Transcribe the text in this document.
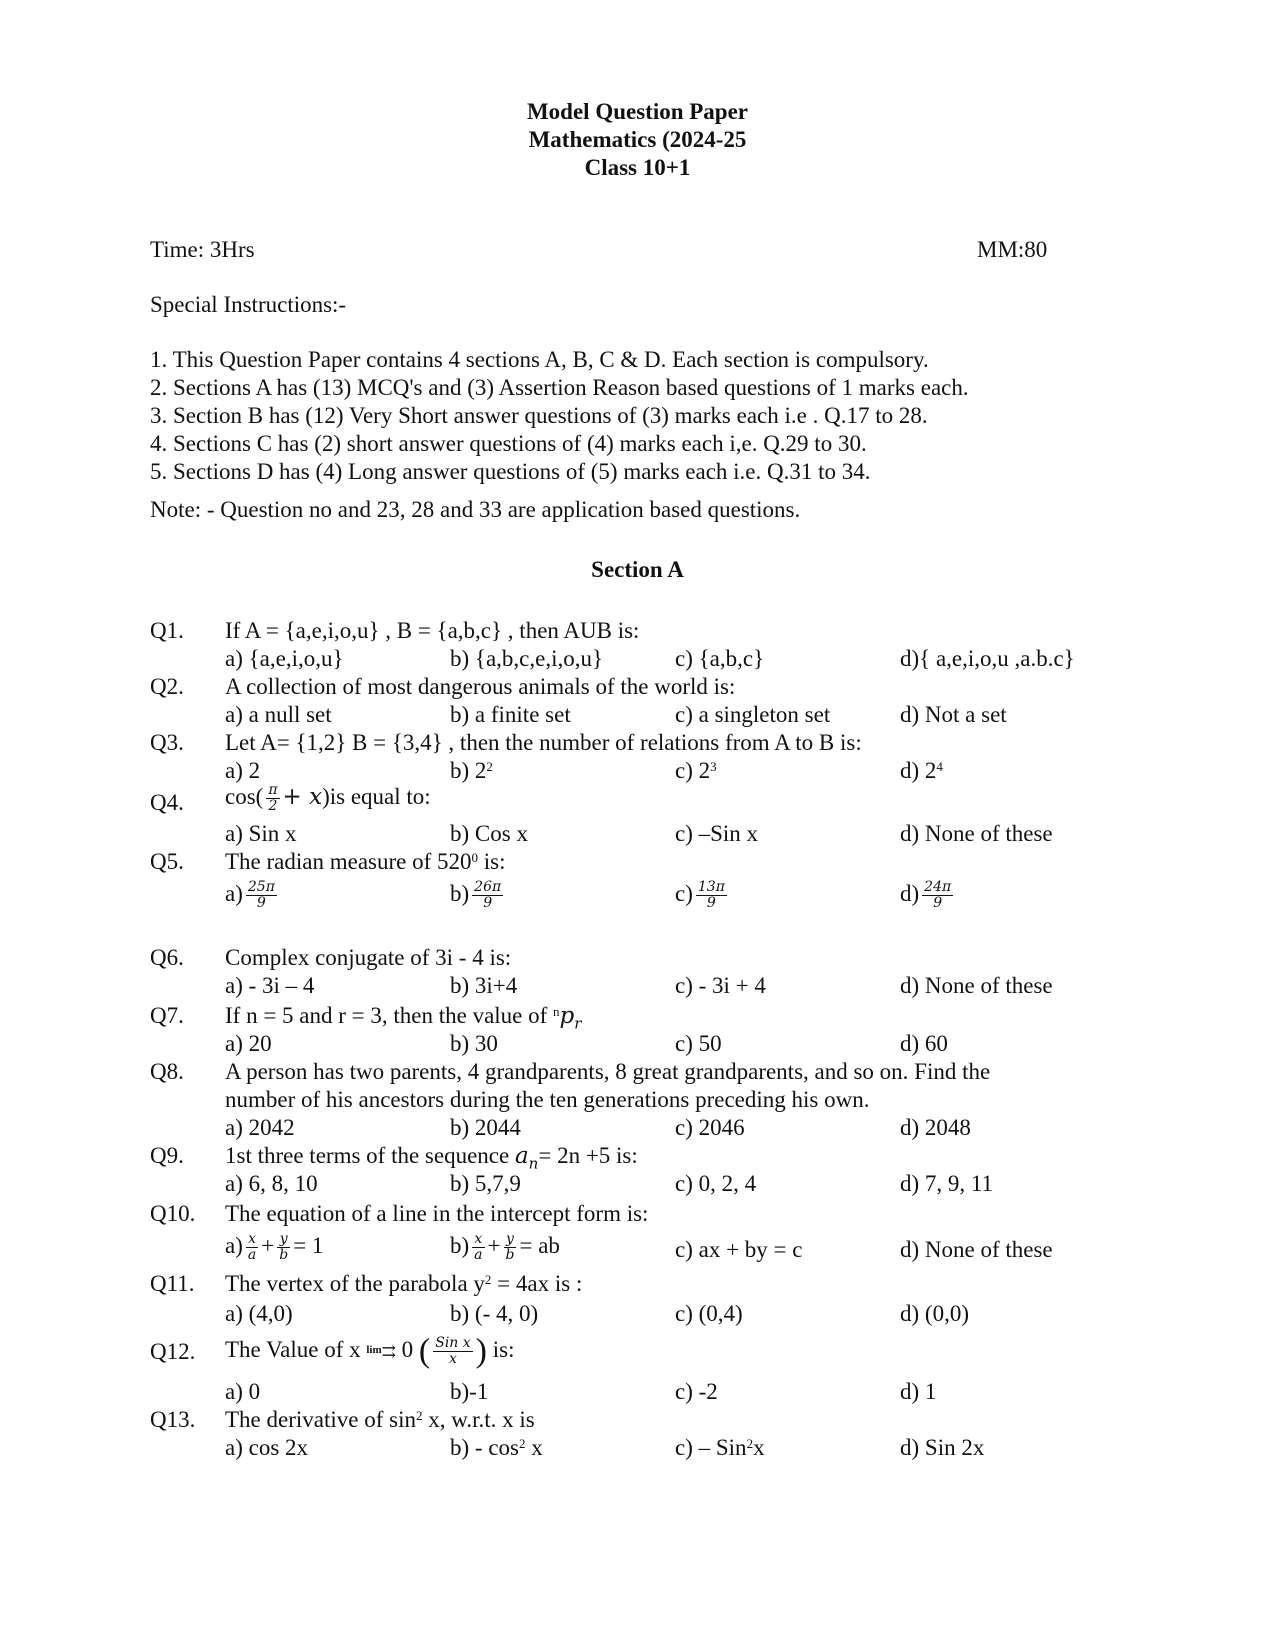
Model Question Paper
Mathematics (2024-25
Class 10+1
Time: 3Hrs	MM:80
Special Instructions:-
1. This Question Paper contains 4 sections A, B, C & D. Each section is compulsory.
2. Sections A has (13) MCQ's and (3) Assertion Reason based questions of 1 marks each.
3. Section B has (12) Very Short answer questions of (3) marks each i.e . Q.17 to 28.
4. Sections C has (2) short answer questions of (4) marks each i,e. Q.29 to 30.
5. Sections D has (4) Long answer questions of (5) marks each i.e. Q.31 to 34.
Note: - Question no and 23, 28 and 33 are application based questions.
Section A
Q1. If A = {a,e,i,o,u} , B = {a,b,c} , then AUB is:
a) {a,e,i,o,u}	b) {a,b,c,e,i,o,u}	c) {a,b,c}	d){ a,e,i,o,u ,a.b.c}
Q2. A collection of most dangerous animals of the world is:
a) a null set	b) a finite set	c) a singleton set	d) Not a set
Q3. Let A= {1,2} B = {3,4} , then the number of relations from A to B is:
a) 2	b) $2^2$	c) $2^3$	d) $2^4$
Q4. $\cos( \frac{\pi}{2} + x)is$ equal to:
a) Sin x	b) Cos x	c) –Sin x	d) None of these
Q5. The radian measure of $520^0$ is:
$a) \frac{25\pi}{9}$	$b) \frac{26\pi}{9}$	$c) \frac{13\pi}{9}$	$d) \frac{24\pi}{9}$
Q6. Complex conjugate of 3i - 4 is:
a) - 3i – 4	b) 3i+4	c) - 3i + 4	d) None of these
Q7. If n = 5 and r = 3, then the value of $^np_r$
a) 20	b) 30	c) 50	d) 60
Q8. A person has two parents, 4 grandparents, 8 great grandparents, and so on. Find the
number of his ancestors during the ten generations preceding his own.
a) 2042	b) 2044	c) 2046	d) 2048
Q9. 1st three terms of the sequence $a_n= 2n +5$ is:
a) 6, 8, 10	b) 5,7,9	c) 0, 2, 4	d) 7, 9, 11
Q10. The equation of a line in the intercept form is:
$a) \frac{x}{a} + \frac{y}{b} = 1$	$b) \frac{x}{a} + \frac{y}{b}$ = ab	c) ax + by = c	d) None of these
Q11. The vertex of the parabola $y^2 = 4ax$ is :
a) (4,0)	b) (- 4, 0)	c) (0,4)	d) (0,0)
Q12. The Value of x $^{lim}$⇉ 0 ( $\frac{\text{Sin x}}{x}$ ) is:
a) 0	b)-1	c) -2	d) 1
Q13. The derivative of $\sin^2 x$, w.r.t. x is
a) cos 2x	$b) - \cos^2 x$	c) – Sin$^2$x	d) Sin 2x
